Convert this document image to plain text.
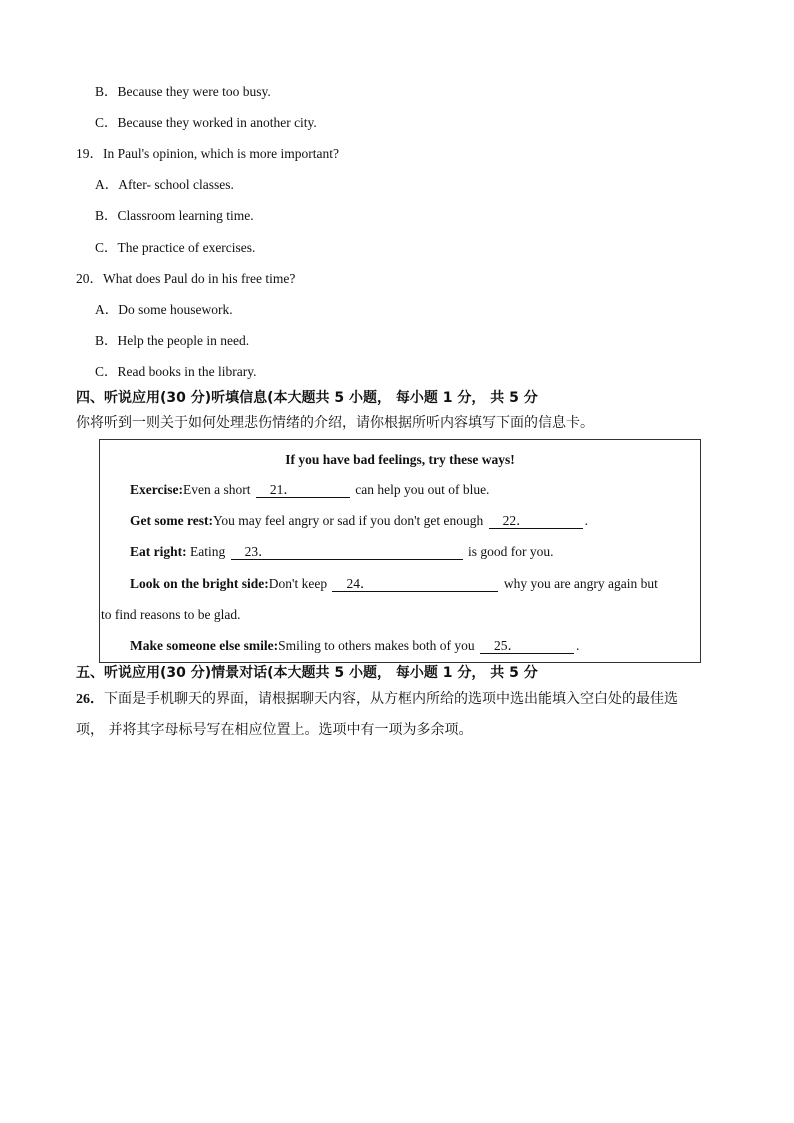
B．Because they were too busy.
C．Because they worked in another city.
19．In Paul's opinion, which is more important?
A．After- school classes.
B．Classroom learning time.
C．The practice of exercises.
20．What does Paul do in his free time?
A．Do some housework.
B．Help the people in need.
C．Read books in the library.
四、听说应用(30 分)听填信息(本大题共 5 小题， 每小题 1 分， 共 5 分
你将听到一则关于如何处理悲伤情绪的介绍，请你根据所听内容填写下面的信息卡。
If you have bad feelings, try these ways!
Exercise:Even a short 21．	can help you out of blue.
Get some rest:You may feel angry or sad if you don't get enough 22．	.
Eat right: Eating 23．	is good for you.
Look on the bright side:Don't keep 24．	why you are angry again but
to find reasons to be glad.
Make someone else smile:Smiling to others makes both of you 25．	.
五、听说应用(30 分)情景对话(本大题共 5 小题， 每小题 1 分， 共 5 分
26．下面是手机聊天的界面，请根据聊天内容，从方框内所给的选项中选出能填入空白处的最佳选
项， 并将其字母标号写在相应位置上。选项中有一项为多余项。
